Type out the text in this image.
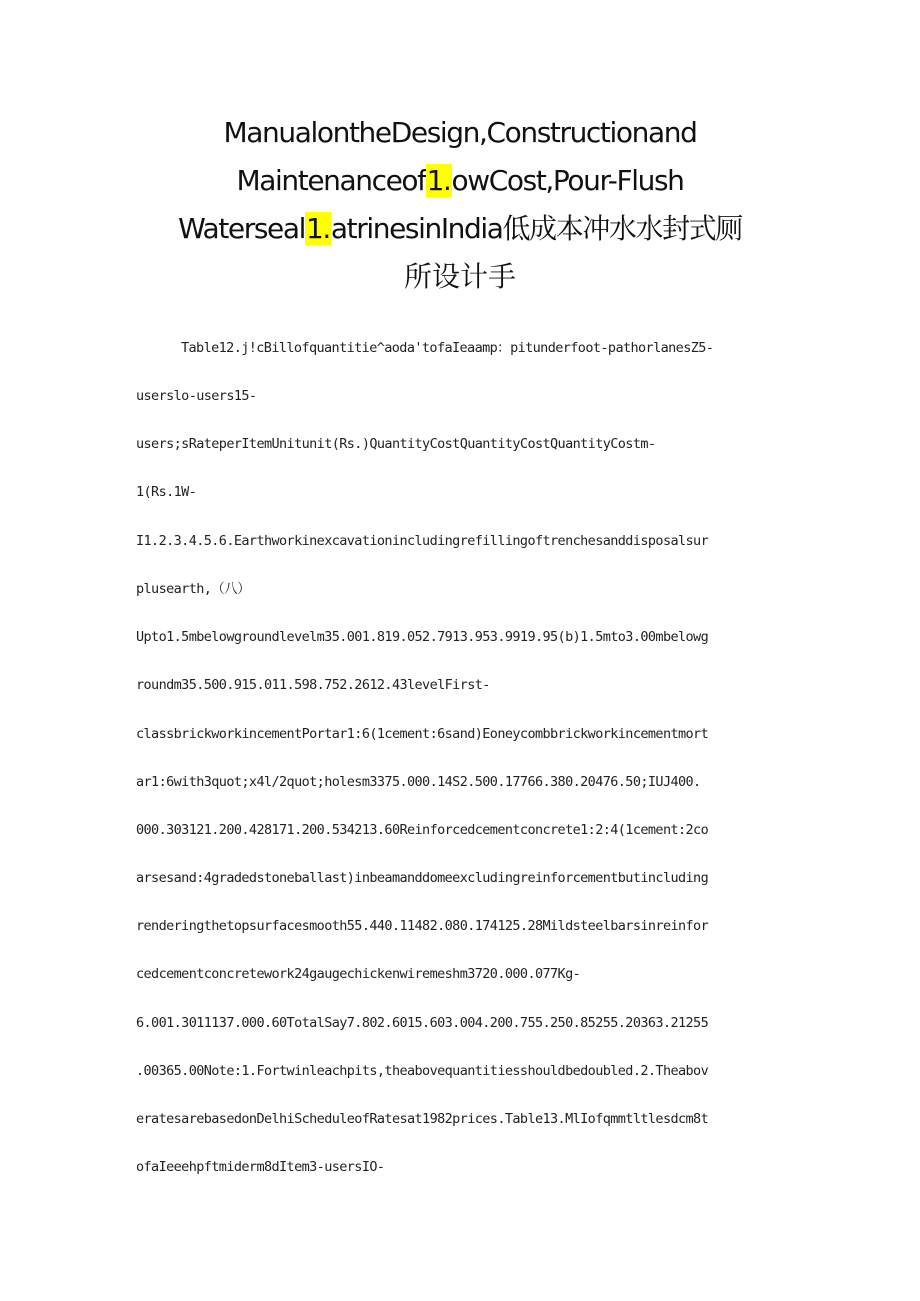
ManualontheDesign,Constructionand
Maintenanceof1.owCost,Pour-Flush
Waterseal1.atrinesinIndia低成本冲水水封式厕
所设计手
Table12.j!cBillofquantitie^aoda'tofaIeaamp：pitunderfoot-pathorlanesZ5-
userslo-users15-
users;sRateperItemUnitunit(Rs.)QuantityCostQuantityCostQuantityCostm-
1(Rs.1W-
I1.2.3.4.5.6.Earthworkinexcavationincludingrefillingoftrenchesanddisposalsur
plusearth,（八）
Upto1.5mbelowgroundlevelm35.001.819.052.7913.953.9919.95(b)1.5mto3.00mbelowg
roundm35.500.915.011.598.752.2612.43levelFirst-
classbrickworkincementPortar1:6(1cement:6sand)Eoneycombbrickworkincementmort
ar1:6with3quot;x4l/2quot;holesm3375.000.14S2.500.17766.380.20476.50;IUJ400.
000.303121.200.428171.200.534213.60Reinforcedcementconcrete1:2:4(1cement:2co
arsesand:4gradedstoneballast)inbeamanddomeexcludingreinforcementbutincluding
renderingthetopsurfacesmooth55.440.11482.080.174125.28Mildsteelbarsinreinfor
cedcementconcretework24gaugechickenwiremeshm3720.000.077Kg-
6.001.3011137.000.60TotalSay7.802.6015.603.004.200.755.250.85255.20363.21255
.00365.00Note:1.Fortwinleachpits,theabovequantitiesshouldbedoubled.2.Theabov
eratesarebasedonDelhiScheduleofRatesat1982prices.Table13.MlIofqmmtltlesdcm8t
ofaIeeehpftmiderm8dItem3-usersIO-
